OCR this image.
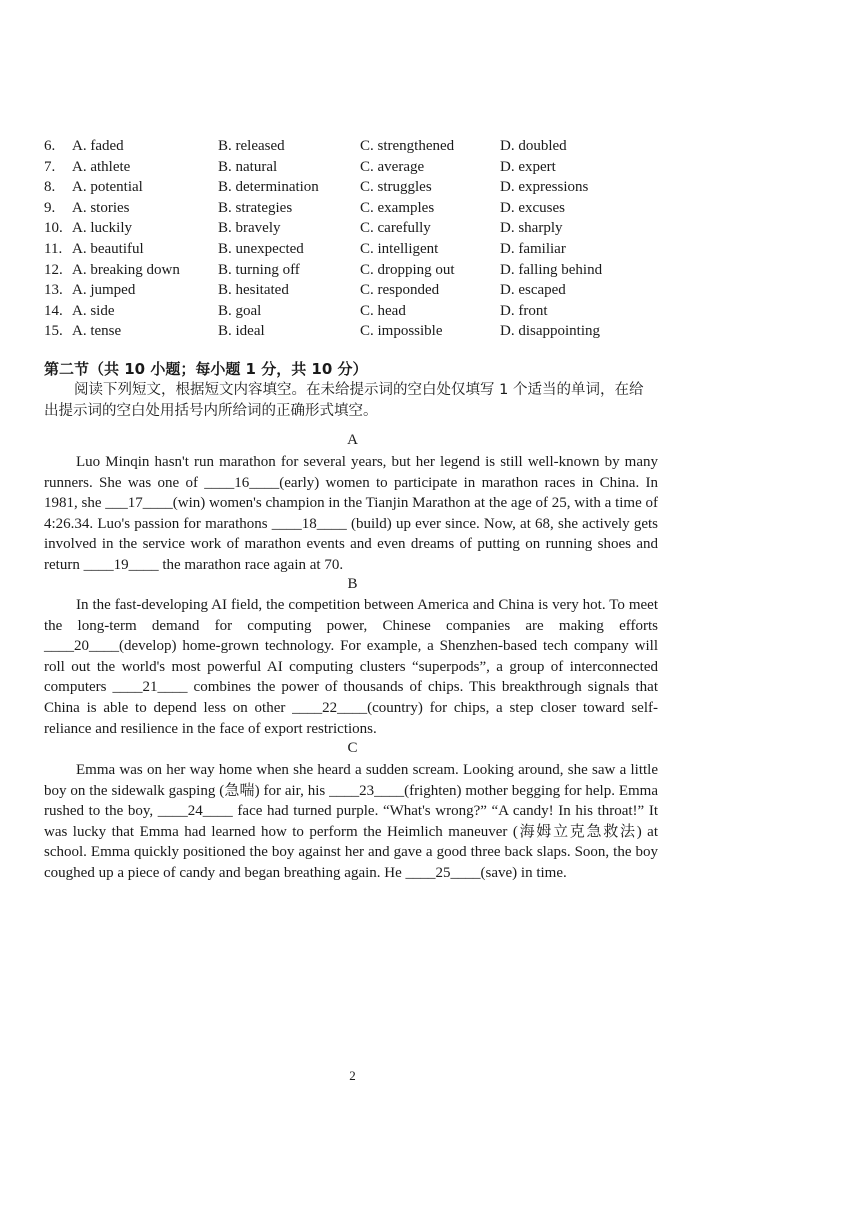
6.	A. faded	B. released	C. strengthened	D. doubled
7.	A. athlete	B. natural	C. average	D. expert
8.	A. potential	B. determination	C. struggles	D. expressions
9.	A. stories	B. strategies	C. examples	D. excuses
10. A. luckily	B. bravely	C. carefully	D. sharply
11. A. beautiful	B. unexpected	C. intelligent	D. familiar
12. A. breaking down	B. turning off	C. dropping out	D. falling behind
13. A. jumped	B. hesitated	C. responded	D. escaped
14. A. side	B. goal	C. head	D. front
15. A. tense	B. ideal	C. impossible	D. disappointing
第二节（共 10 小题；每小题 1 分，共 10 分）
阅读下列短文，根据短文内容填空。在未给提示词的空白处仅填写 1 个适当的单词，在给出提示词的空白处用括号内所给词的正确形式填空。
A

Luo Minqin hasn't run marathon for several years, but her legend is still well-known by many runners. She was one of ____16____(early) women to participate in marathon races in China. In 1981, she ___17____(win) women's champion in the Tianjin Marathon at the age of 25, with a time of 4:26.34. Luo's passion for marathons ____18____ (build) up ever since. Now, at 68, she actively gets involved in the service work of marathon events and even dreams of putting on running shoes and return ____19____ the marathon race again at 70.

B

In the fast-developing AI field, the competition between America and China is very hot. To meet the long-term demand for computing power, Chinese companies are making efforts ____20____(develop) home-grown technology. For example, a Shenzhen-based tech company will roll out the world's most powerful AI computing clusters “superpods”, a group of interconnected computers ____21____ combines the power of thousands of chips. This breakthrough signals that China is able to depend less on other ____22____(country) for chips, a step closer toward self-reliance and resilience in the face of export restrictions.

C

Emma was on her way home when she heard a sudden scream. Looking around, she saw a little boy on the sidewalk gasping (急喘) for air, his ____23____(frighten) mother begging for help. Emma rushed to the boy, ____24____ face had turned purple. “What's wrong?” “A candy! In his throat!” It was lucky that Emma had learned how to perform the Heimlich maneuver (海姆立克急救法) at school. Emma quickly positioned the boy against her and gave a good three back slaps. Soon, the boy coughed up a piece of candy and began breathing again. He ____25____(save) in time.

2
